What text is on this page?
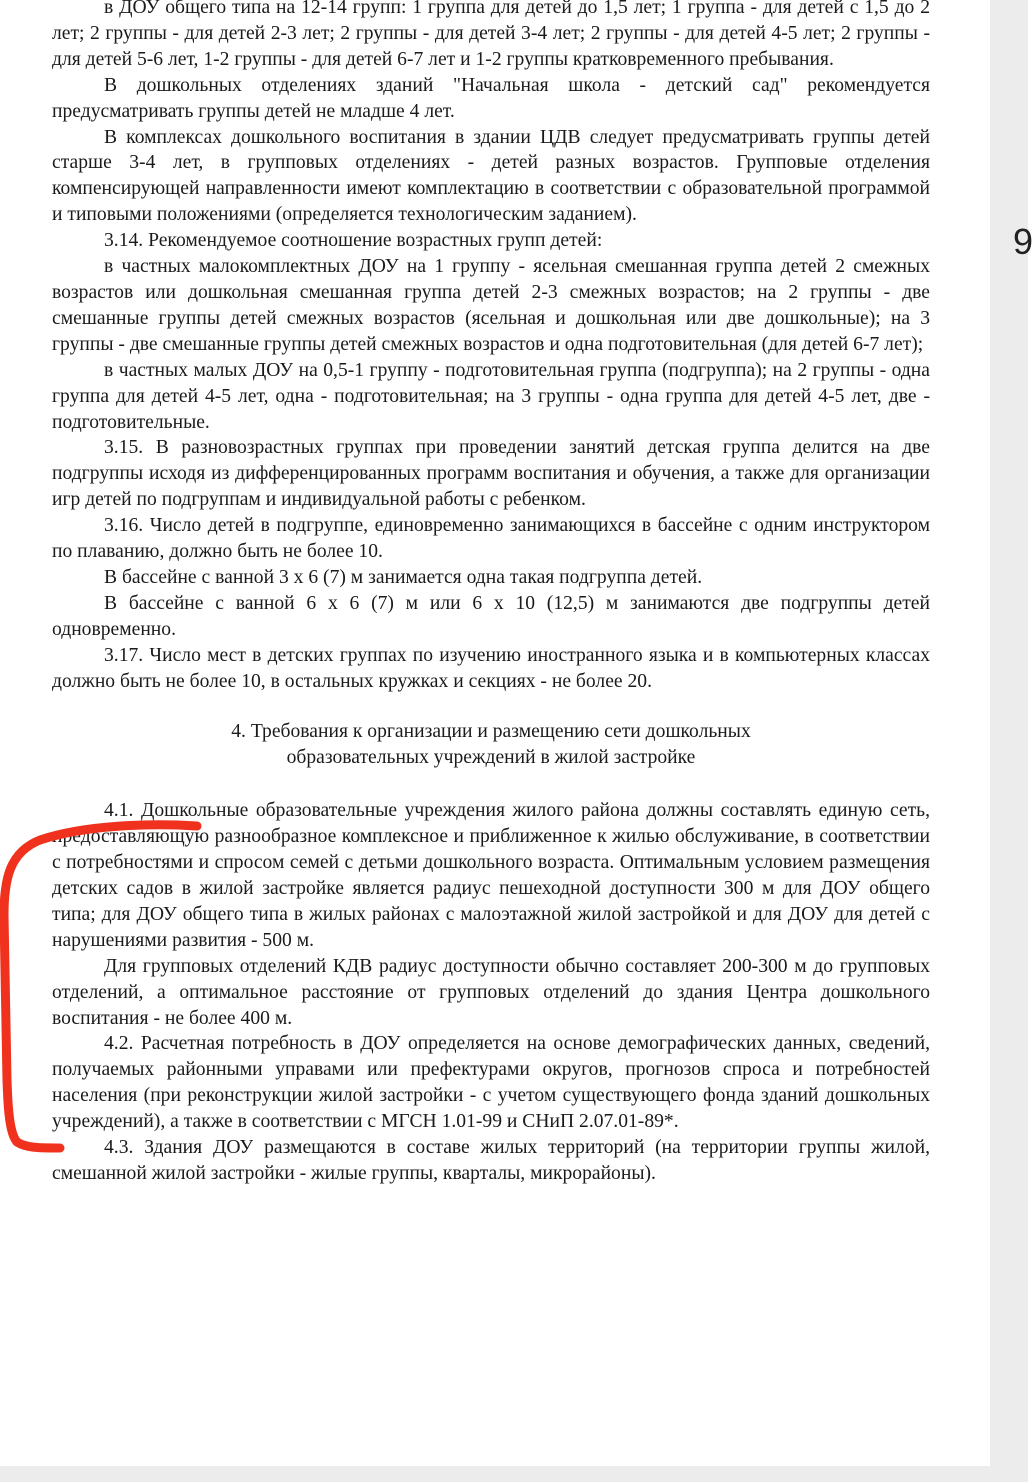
в ДОУ общего типа на 12-14 групп: 1 группа для детей до 1,5 лет; 1 группа - для детей с 1,5 до 2 лет; 2 группы - для детей 2-3 лет; 2 группы - для детей 3-4 лет; 2 группы - для детей 4-5 лет; 2 группы - для детей 5-6 лет, 1-2 группы - для детей 6-7 лет и 1-2 группы кратковременного пребывания.

В дошкольных отделениях зданий "Начальная школа - детский сад" рекомендуется предусматривать группы детей не младше 4 лет.

В комплексах дошкольного воспитания в здании ЦДВ следует предусматривать группы детей старше 3-4 лет, в групповых отделениях - детей разных возрастов. Групповые отделения компенсирующей направленности имеют комплектацию в соответствии с образовательной программой и типовыми положениями (определяется технологическим заданием).

3.14. Рекомендуемое соотношение возрастных групп детей:

в частных малокомплектных ДОУ на 1 группу - ясельная смешанная группа детей 2 смежных возрастов или дошкольная смешанная группа детей 2-3 смежных возрастов; на 2 группы - две смешанные группы детей смежных возрастов (ясельная и дошкольная или две дошкольные); на 3 группы - две смешанные группы детей смежных возрастов и одна подготовительная (для детей 6-7 лет);

в частных малых ДОУ на 0,5-1 группу - подготовительная группа (подгруппа); на 2 группы - одна группа для детей 4-5 лет, одна - подготовительная; на 3 группы - одна группа для детей 4-5 лет, две - подготовительные.

3.15. В разновозрастных группах при проведении занятий детская группа делится на две подгруппы исходя из дифференцированных программ воспитания и обучения, а также для организации игр детей по подгруппам и индивидуальной работы с ребенком.

3.16. Число детей в подгруппе, единовременно занимающихся в бассейне с одним инструктором по плаванию, должно быть не более 10.

В бассейне с ванной 3 х 6 (7) м занимается одна такая подгруппа детей.

В бассейне с ванной 6 х 6 (7) м или 6 х 10 (12,5) м занимаются две подгруппы детей одновременно.

3.17. Число мест в детских группах по изучению иностранного языка и в компьютерных классах должно быть не более 10, в остальных кружках и секциях - не более 20.

4. Требования к организации и размещению сети дошкольных
образовательных учреждений в жилой застройке

4.1. Дошкольные образовательные учреждения жилого района должны составлять единую сеть, предоставляющую разнообразное комплексное и приближенное к жилью обслуживание, в соответствии с потребностями и спросом семей с детьми дошкольного возраста. Оптимальным условием размещения детских садов в жилой застройке является радиус пешеходной доступности 300 м для ДОУ общего типа; для ДОУ общего типа в жилых районах с малоэтажной жилой застройкой и для ДОУ для детей с нарушениями развития - 500 м.

Для групповых отделений КДВ радиус доступности обычно составляет 200-300 м до групповых отделений, а оптимальное расстояние от групповых отделений до здания Центра дошкольного воспитания - не более 400 м.

4.2. Расчетная потребность в ДОУ определяется на основе демографических данных, сведений, получаемых районными управами или префектурами округов, прогнозов спроса и потребностей населения (при реконструкции жилой застройки - с учетом существующего фонда зданий дошкольных учреждений), а также в соответствии с МГСН 1.01-99 и СНиП 2.07.01-89*.

4.3. Здания ДОУ размещаются в составе жилых территорий (на территории группы жилой, смешанной жилой застройки - жилые группы, кварталы, микрорайоны).

9
